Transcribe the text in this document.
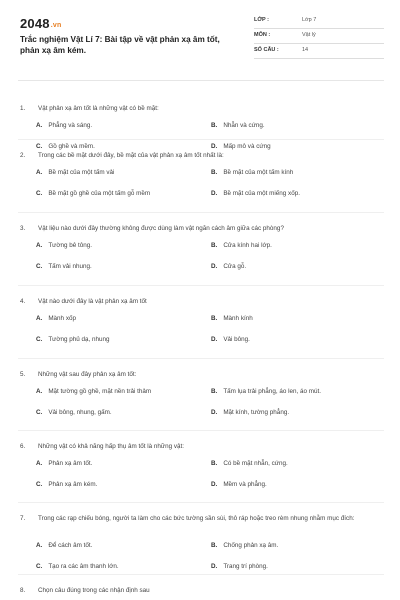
2048.vn
Trắc nghiệm Vật Lí 7: Bài tập về vật phản xạ âm tốt, phản xạ âm kém.
LỚP :	Lớp 7
MÔN :	Vật lý
SỐ CÂU :	14
1. Vật phản xạ âm tốt là những vật có bề mặt:
A. Phẳng và sáng.	B. Nhẵn và cứng.
C. Gồ ghề và mềm.	D. Mấp mô và cứng
2. Trong các bề mặt dưới đây, bề mặt của vật phản xạ âm tốt nhất là:
A. Bề mặt của một tấm vải	B. Bề mặt của một tấm kính
C. Bề mặt gồ ghề của một tấm gỗ mềm	D. Bề mặt của một miếng xốp.
3. Vật liệu nào dưới đây thường không được dùng làm vật ngăn cách âm giữa các phòng?
A. Tường bê tông.	B. Cửa kính hai lớp.
C. Tấm vải nhung.	D. Cửa gỗ.
4. Vật nào dưới đây là vật phản xạ âm tốt
A. Mành xốp	B. Mành kính
C. Tường phủ dạ, nhung	D. Vải bông.
5. Những vật sau đây phản xạ âm tốt:
A. Mặt tường gồ ghề, mặt nền trải thảm	B. Tấm lụa trải phẳng, áo len, áo mút.
C. Vải bông, nhung, gấm.	D. Mặt kính, tường phẳng.
6. Những vật có khả năng hấp thụ âm tốt là những vật:
A. Phản xạ âm tốt.	B. Có bề mặt nhẵn, cứng.
C. Phản xạ âm kém.	D. Mềm và phẳng.
7. Trong các rạp chiếu bóng, người ta làm cho các bức tường sần sùi, thô ráp hoặc treo rèm nhung nhằm mục đích:
A. Để cách âm tốt.	B. Chống phản xạ âm.
C. Tạo ra các âm thanh lớn.	D. Trang trí phòng.
8. Chọn câu đúng trong các nhận định sau
